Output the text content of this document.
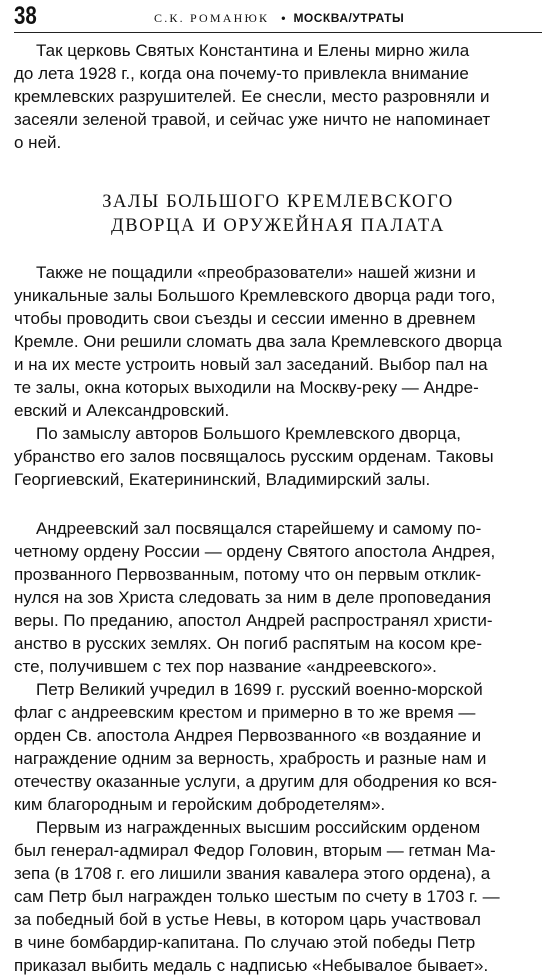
38	С.К. РОМАНЮК • МОСКВА/УТРАТЫ
Так церковь Святых Константина и Елены мирно жила
до лета 1928 г., когда она почему-то привлекла внимание
кремлевских разрушителей. Ее снесли, место разровняли и
засеяли зеленой травой, и сейчас уже ничто не напоминает
о ней.
ЗАЛЫ БОЛЬШОГО КРЕМЛЕВСКОГО
ДВОРЦА И ОРУЖЕЙНАЯ ПАЛАТА
Также не пощадили «преобразователи» нашей жизни и
уникальные залы Большого Кремлевского дворца ради того,
чтобы проводить свои съезды и сессии именно в древнем
Кремле. Они решили сломать два зала Кремлевского дворца
и на их месте устроить новый зал заседаний. Выбор пал на
те залы, окна которых выходили на Москву-реку — Андре-
евский и Александровский.
По замыслу авторов Большого Кремлевского дворца,
убранство его залов посвящалось русским орденам. Таковы
Георгиевский, Екатерининский, Владимирский залы.
Андреевский зал посвящался старейшему и самому по-
четному ордену России — ордену Святого апостола Андрея,
прозванного Первозванным, потому что он первым отклик-
нулся на зов Христа следовать за ним в деле проповедания
веры. По преданию, апостол Андрей распространял христи-
анство в русских землях. Он погиб распятым на косом кре-
сте, получившем с тех пор название «андреевского».
Петр Великий учредил в 1699 г. русский военно-морской
флаг с андреевским крестом и примерно в то же время —
орден Св. апостола Андрея Первозванного «в воздаяние и
награждение одним за верность, храбрость и разные нам и
отечеству оказанные услуги, а другим для ободрения ко вся-
ким благородным и геройским добродетелям».
Первым из награжденных высшим российским орденом
был генерал-адмирал Федор Головин, вторым — гетман Ма-
зепа (в 1708 г. его лишили звания кавалера этого ордена), а
сам Петр был награжден только шестым по счету в 1703 г. —
за победный бой в устье Невы, в котором царь участвовал
в чине бомбардир-капитана. По случаю этой победы Петр
приказал выбить медаль с надписью «Небывалое бывает».
